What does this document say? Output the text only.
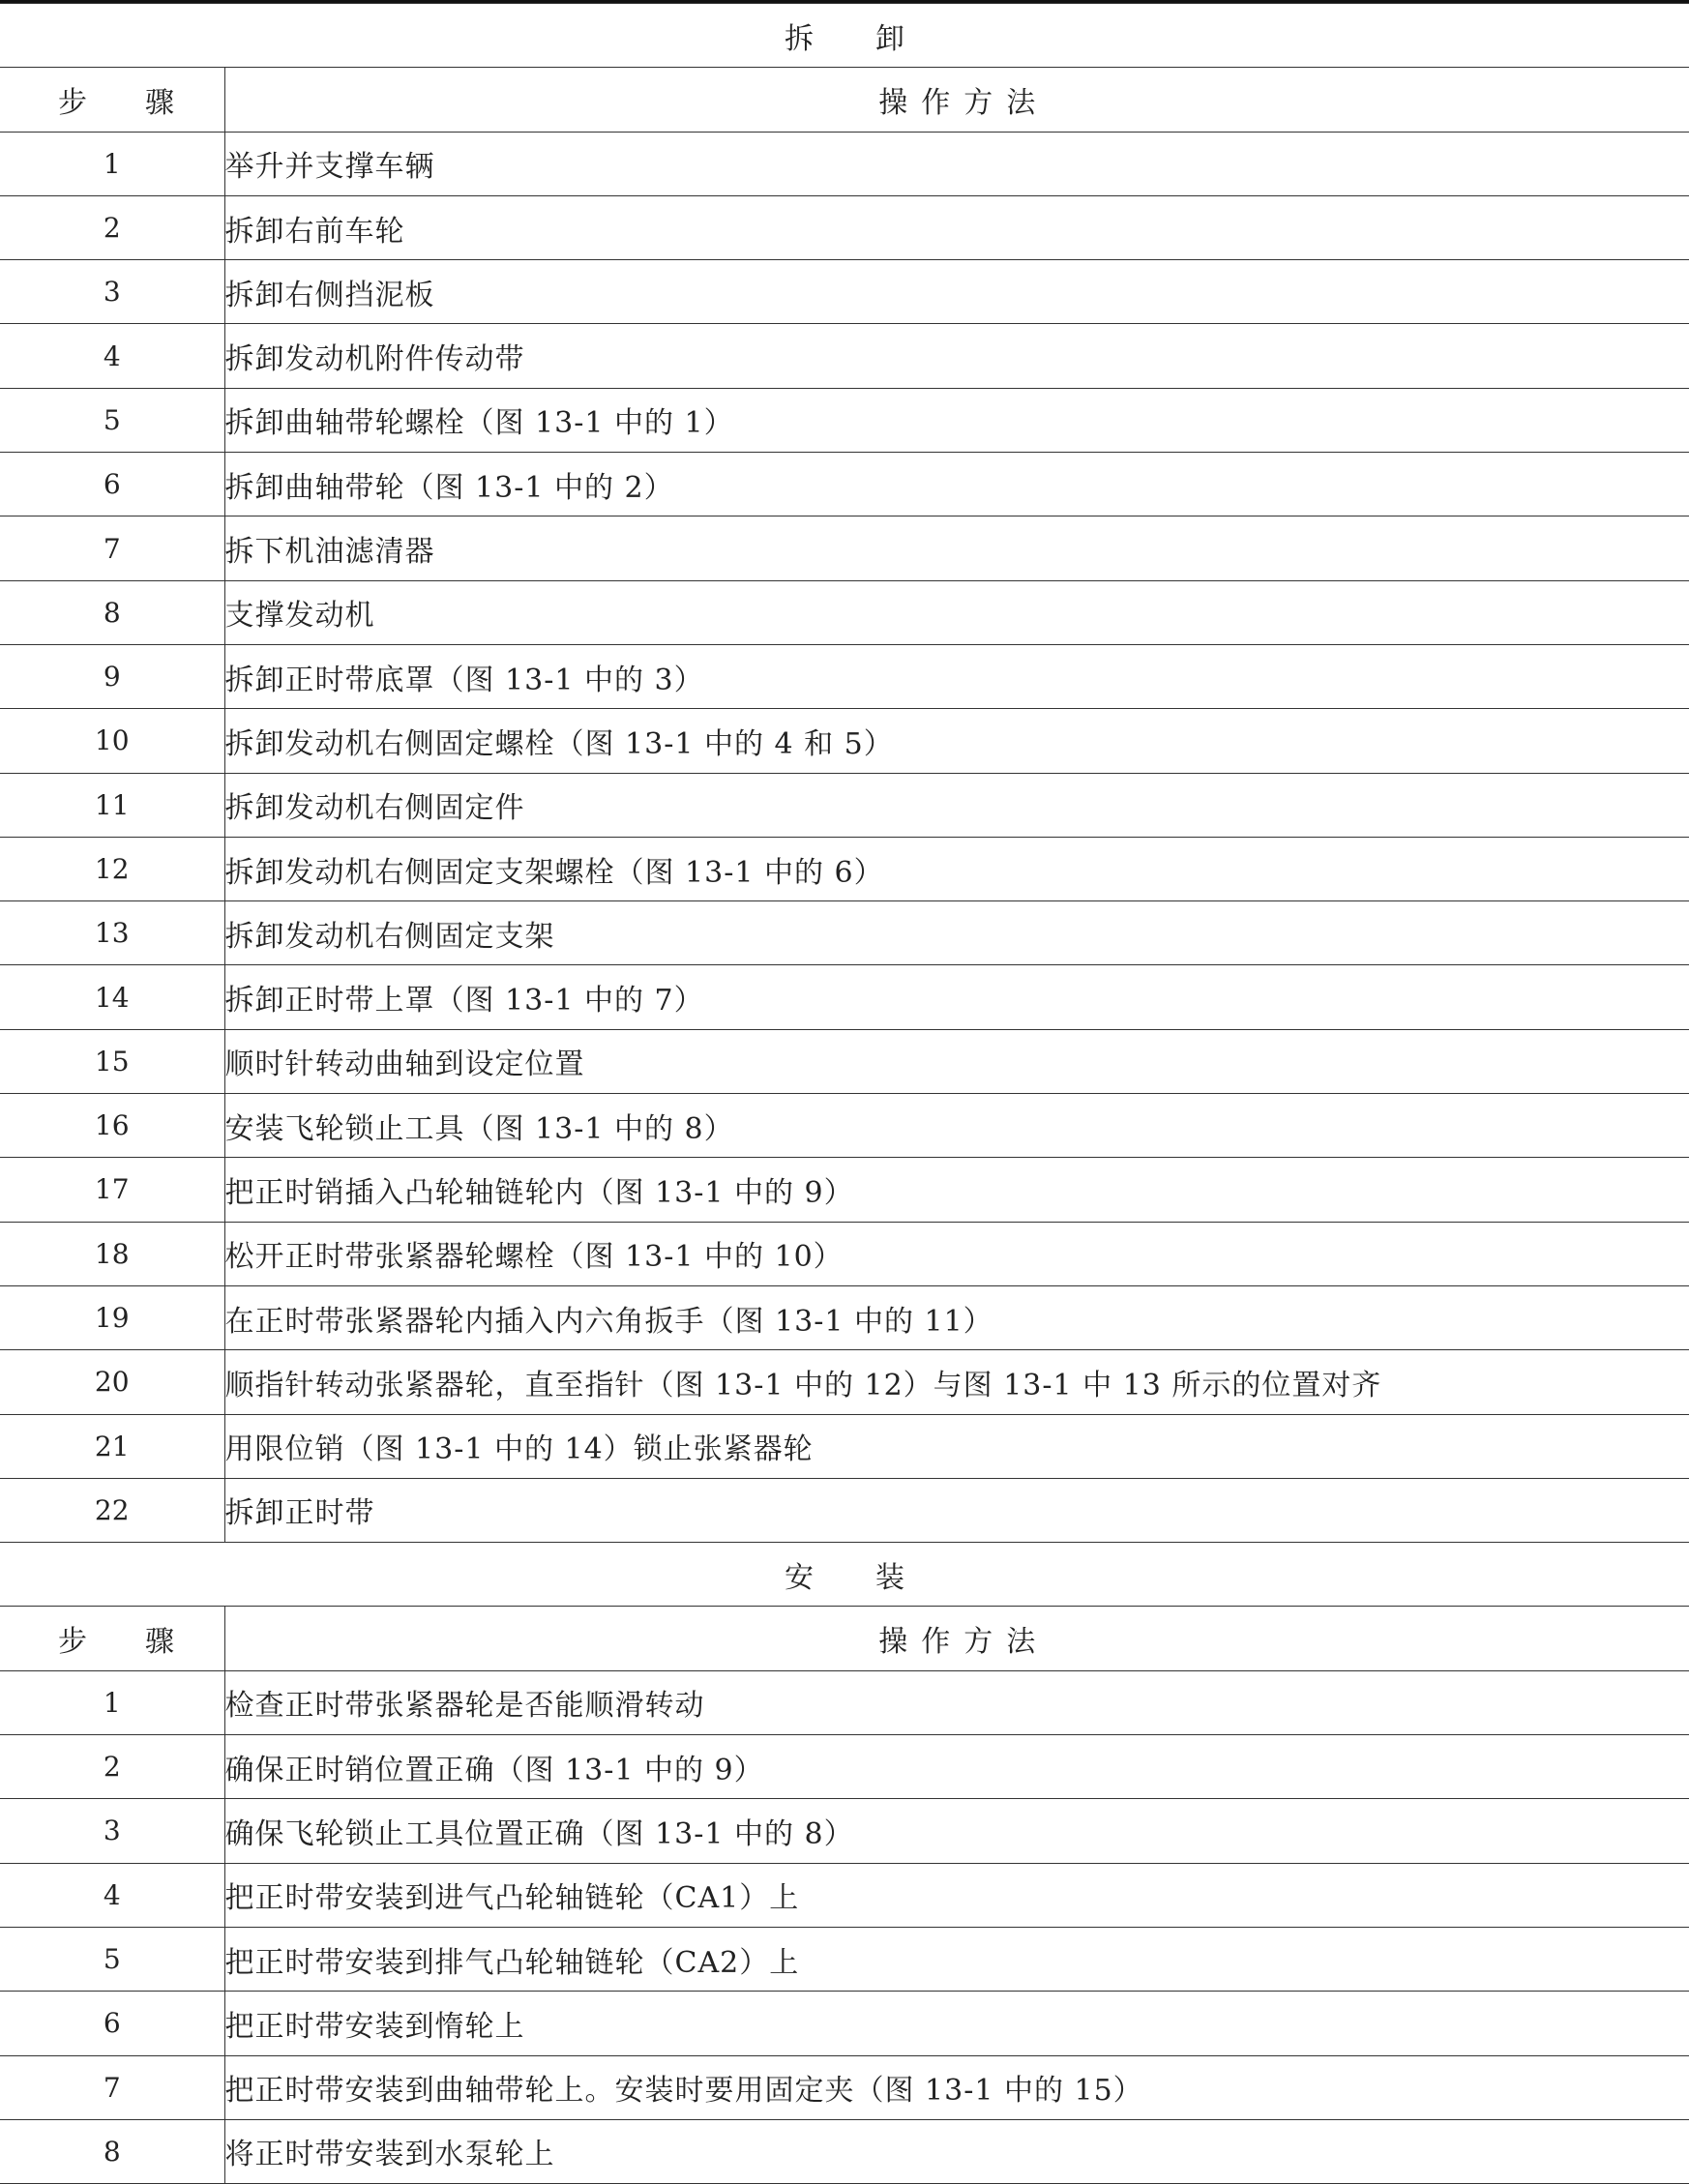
拆卸	
步骤	操作方法
1	举升并支撑车辆
2	拆卸右前车轮
3	拆卸右侧挡泥板
4	拆卸发动机附件传动带
5	拆卸曲轴带轮螺栓（图 13-1 中的 1）
6	拆卸曲轴带轮（图 13-1 中的 2）
7	拆下机油滤清器
8	支撑发动机
9	拆卸正时带底罩（图 13-1 中的 3）
10	拆卸发动机右侧固定螺栓（图 13-1 中的 4 和 5）
11	拆卸发动机右侧固定件
12	拆卸发动机右侧固定支架螺栓（图 13-1 中的 6）
13	拆卸发动机右侧固定支架
14	拆卸正时带上罩（图 13-1 中的 7）
15	顺时针转动曲轴到设定位置
16	安装飞轮锁止工具（图 13-1 中的 8）
17	把正时销插入凸轮轴链轮内（图 13-1 中的 9）
18	松开正时带张紧器轮螺栓（图 13-1 中的 10）
19	在正时带张紧器轮内插入内六角扳手（图 13-1 中的 11）
20	顺指针转动张紧器轮，直至指针（图 13-1 中的 12）与图 13-1 中 13 所示的位置对齐
21	用限位销（图 13-1 中的 14）锁止张紧器轮
22	拆卸正时带
安装	
步骤	操作方法
1	检查正时带张紧器轮是否能顺滑转动
2	确保正时销位置正确（图 13-1 中的 9）
3	确保飞轮锁止工具位置正确（图 13-1 中的 8）
4	把正时带安装到进气凸轮轴链轮（CA1）上
5	把正时带安装到排气凸轮轴链轮（CA2）上
6	把正时带安装到惰轮上
7	把正时带安装到曲轴带轮上。安装时要用固定夹（图 13-1 中的 15）
8	将正时带安装到水泵轮上
